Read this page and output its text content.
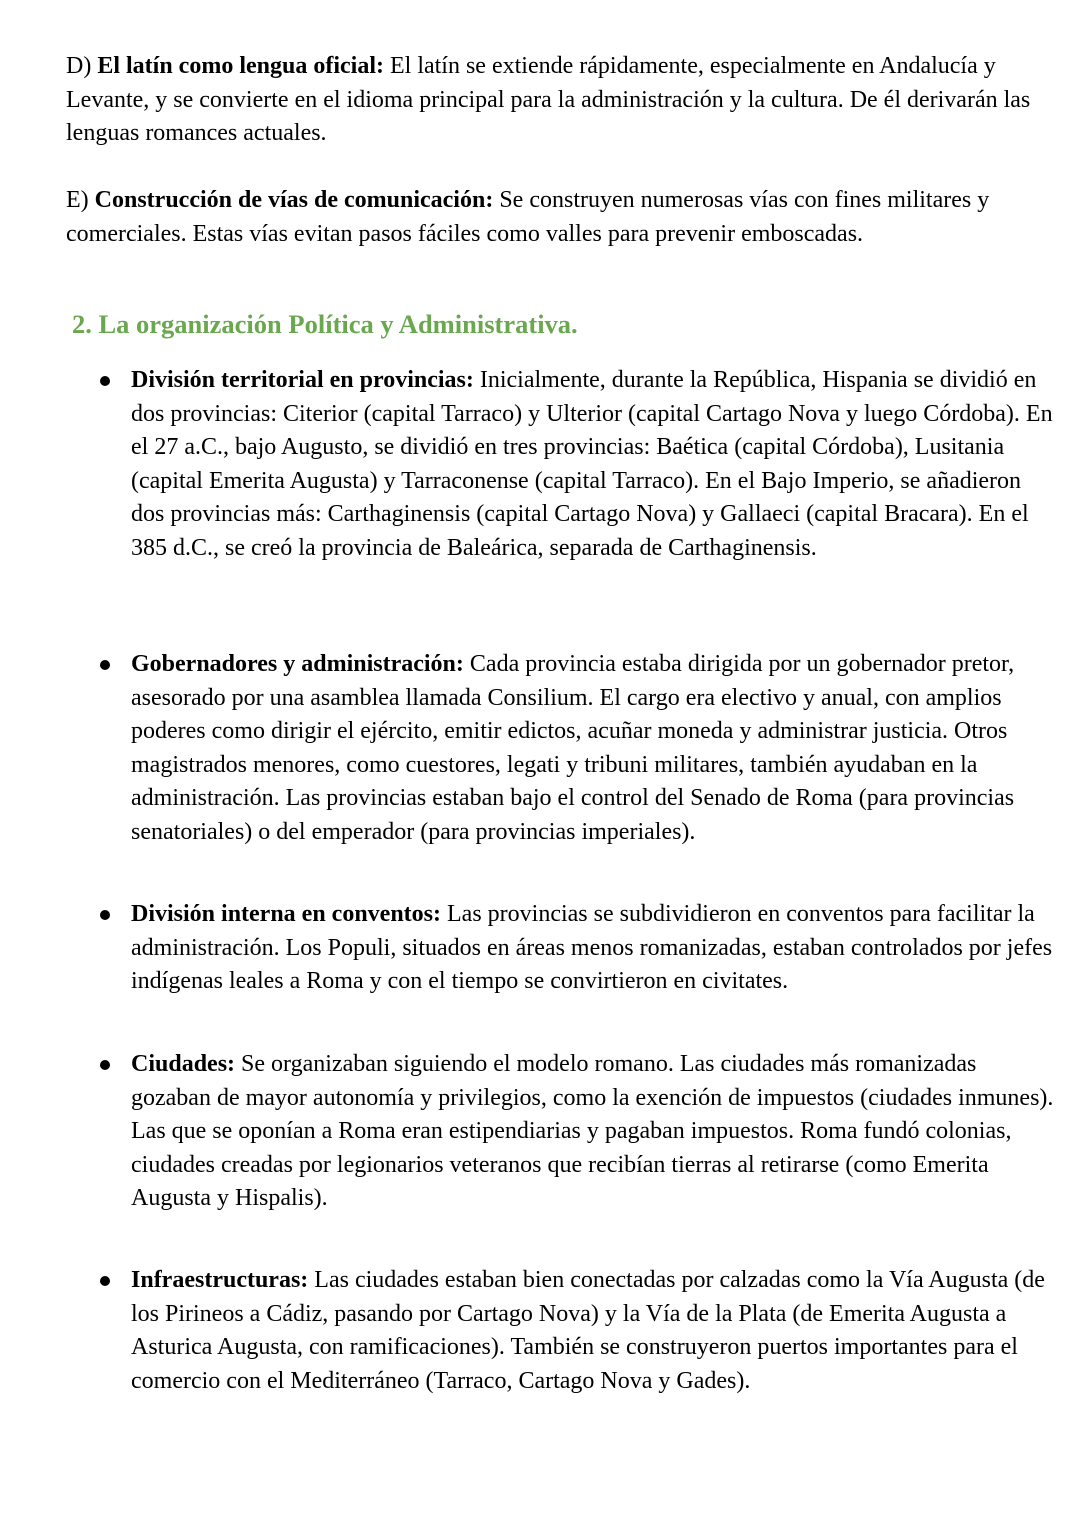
D) El latín como lengua oficial: El latín se extiende rápidamente, especialmente en Andalucía y Levante, y se convierte en el idioma principal para la administración y la cultura. De él derivarán las lenguas romances actuales.

E) Construcción de vías de comunicación: Se construyen numerosas vías con fines militares y comerciales. Estas vías evitan pasos fáciles como valles para prevenir emboscadas.

2. La organización Política y Administrativa.

División territorial en provincias: Inicialmente, durante la República, Hispania se dividió en dos provincias: Citerior (capital Tarraco) y Ulterior (capital Cartago Nova y luego Córdoba). En el 27 a.C., bajo Augusto, se dividió en tres provincias: Baética (capital Córdoba), Lusitania (capital Emerita Augusta) y Tarraconense (capital Tarraco). En el Bajo Imperio, se añadieron dos provincias más: Carthaginensis (capital Cartago Nova) y Gallaeci (capital Bracara). En el 385 d.C., se creó la provincia de Baleárica, separada de Carthaginensis.

Gobernadores y administración: Cada provincia estaba dirigida por un gobernador pretor, asesorado por una asamblea llamada Consilium. El cargo era electivo y anual, con amplios poderes como dirigir el ejército, emitir edictos, acuñar moneda y administrar justicia. Otros magistrados menores, como cuestores, legati y tribuni militares, también ayudaban en la administración. Las provincias estaban bajo el control del Senado de Roma (para provincias senatoriales) o del emperador (para provincias imperiales).

División interna en conventos: Las provincias se subdividieron en conventos para facilitar la administración. Los Populi, situados en áreas menos romanizadas, estaban controlados por jefes indígenas leales a Roma y con el tiempo se convirtieron en civitates.

Ciudades: Se organizaban siguiendo el modelo romano. Las ciudades más romanizadas gozaban de mayor autonomía y privilegios, como la exención de impuestos (ciudades inmunes). Las que se oponían a Roma eran estipendiarias y pagaban impuestos. Roma fundó colonias, ciudades creadas por legionarios veteranos que recibían tierras al retirarse (como Emerita Augusta y Hispalis).

Infraestructuras: Las ciudades estaban bien conectadas por calzadas como la Vía Augusta (de los Pirineos a Cádiz, pasando por Cartago Nova) y la Vía de la Plata (de Emerita Augusta a Asturica Augusta, con ramificaciones). También se construyeron puertos importantes para el comercio con el Mediterráneo (Tarraco, Cartago Nova y Gades).
